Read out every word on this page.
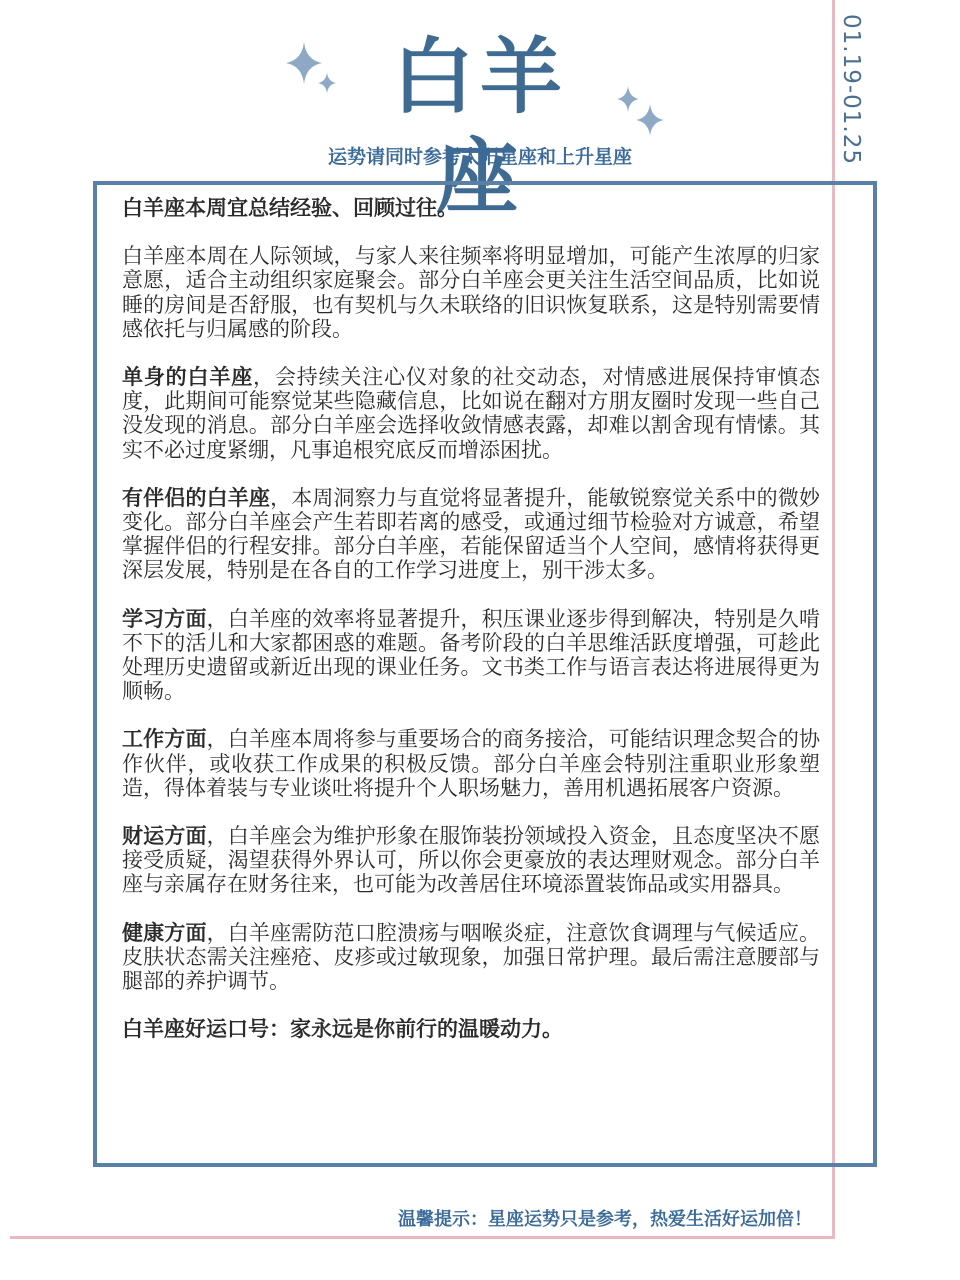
01.19-01.25
白羊座
运势请同时参考太阳星座和上升星座

白羊座本周宜总结经验、回顾过往。

白羊座本周在人际领域，与家人来往频率将明显增加，可能产生浓厚的归家意愿，适合主动组织家庭聚会。部分白羊座会更关注生活空间品质，比如说睡的房间是否舒服，也有契机与久未联络的旧识恢复联系，这是特别需要情感依托与归属感的阶段。

单身的白羊座，会持续关注心仪对象的社交动态，对情感进展保持审慎态度，此期间可能察觉某些隐藏信息，比如说在翻对方朋友圈时发现一些自己没发现的消息。部分白羊座会选择收敛情感表露，却难以割舍现有情愫。其实不必过度紧绷，凡事追根究底反而增添困扰。

有伴侣的白羊座，本周洞察力与直觉将显著提升，能敏锐察觉关系中的微妙变化。部分白羊座会产生若即若离的感受，或通过细节检验对方诚意，希望掌握伴侣的行程安排。部分白羊座，若能保留适当个人空间，感情将获得更深层发展，特别是在各自的工作学习进度上，别干涉太多。

学习方面，白羊座的效率将显著提升，积压课业逐步得到解决，特别是久啃不下的活儿和大家都困惑的难题。备考阶段的白羊思维活跃度增强，可趁此处理历史遗留或新近出现的课业任务。文书类工作与语言表达将进展得更为顺畅。

工作方面，白羊座本周将参与重要场合的商务接洽，可能结识理念契合的协作伙伴，或收获工作成果的积极反馈。部分白羊座会特别注重职业形象塑造，得体着装与专业谈吐将提升个人职场魅力，善用机遇拓展客户资源。

财运方面，白羊座会为维护形象在服饰装扮领域投入资金，且态度坚决不愿接受质疑，渴望获得外界认可，所以你会更豪放的表达理财观念。部分白羊座与亲属存在财务往来，也可能为改善居住环境添置装饰品或实用器具。

健康方面，白羊座需防范口腔溃疡与咽喉炎症，注意饮食调理与气候适应。皮肤状态需关注痤疮、皮疹或过敏现象，加强日常护理。最后需注意腰部与腿部的养护调节。

白羊座好运口号：家永远是你前行的温暖动力。

温馨提示：星座运势只是参考，热爱生活好运加倍！
